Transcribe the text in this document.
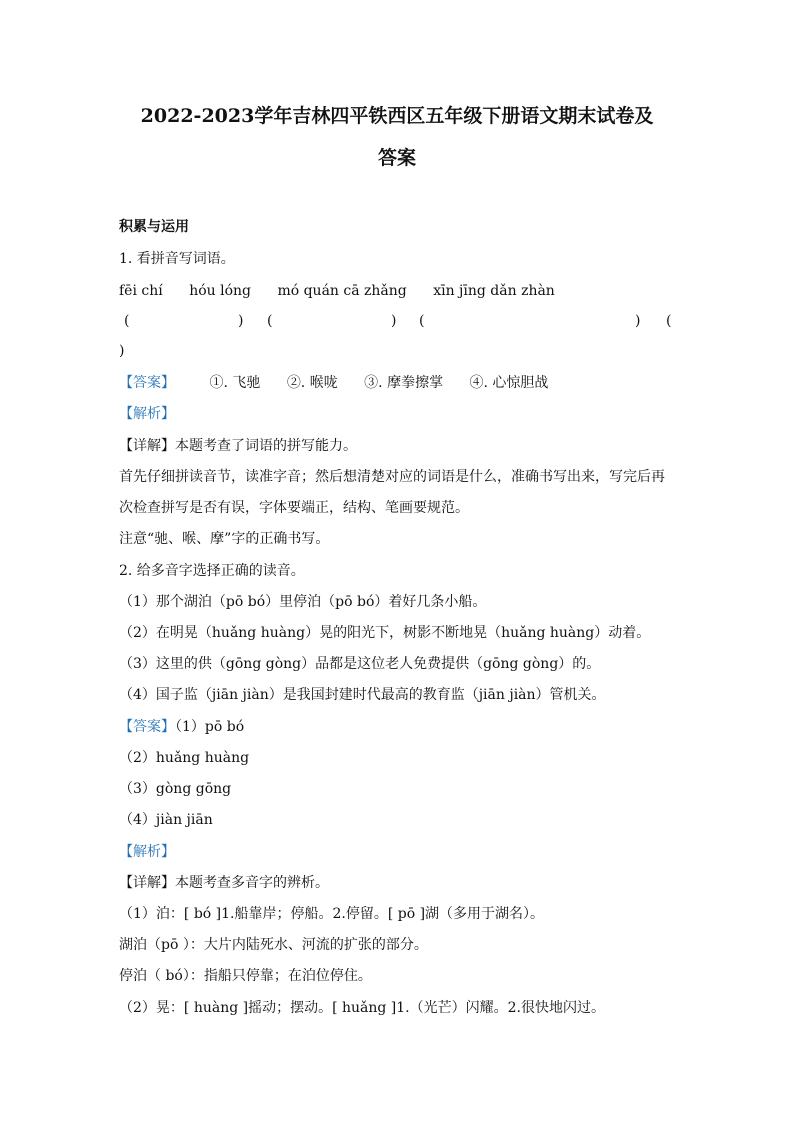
2022-2023学年吉林四平铁西区五年级下册语文期末试卷及
答案
积累与运用
1. 看拼音写词语。
fēi chí hóu lóng mó quán cā zhǎng xīn jīng dǎn zhàn
(	) (	) (	) (
)
【答案】 ①. 飞驰 ②. 喉咙 ③. 摩拳擦掌 ④. 心惊胆战
【解析】
【详解】本题考查了词语的拼写能力。
首先仔细拼读音节，读准字音；然后想清楚对应的词语是什么，准确书写出来，写完后再
次检查拼写是否有误，字体要端正，结构、笔画要规范。
注意“驰、喉、摩”字的正确书写。
2. 给多音字选择正确的读音。
（1）那个湖泊（pō bó）里停泊（pō bó）着好几条小船。
（2）在明晃（huǎng huàng）晃的阳光下，树影不断地晃（huǎng huàng）动着。
（3）这里的供（gōng gòng）品都是这位老人免费提供（gōng gòng）的。
（4）国子监（jiān jiàn）是我国封建时代最高的教育监（jiān jiàn）管机关。
【答案】（1）pō bó
（2）huǎng huàng
（3）gòng gōng
（4）jiàn jiān
【解析】
【详解】本题考查多音字的辨析。
（1）泊：[ bó ]1.船靠岸；停船。2.停留。[ pō ]湖（多用于湖名）。
湖泊（pō ）：大片内陆死水、河流的扩张的部分。
停泊（ bó）：指船只停靠；在泊位停住。
（2）晃：[ huàng ]摇动；摆动。[ huǎng ]1.（光芒）闪耀。2.很快地闪过。
